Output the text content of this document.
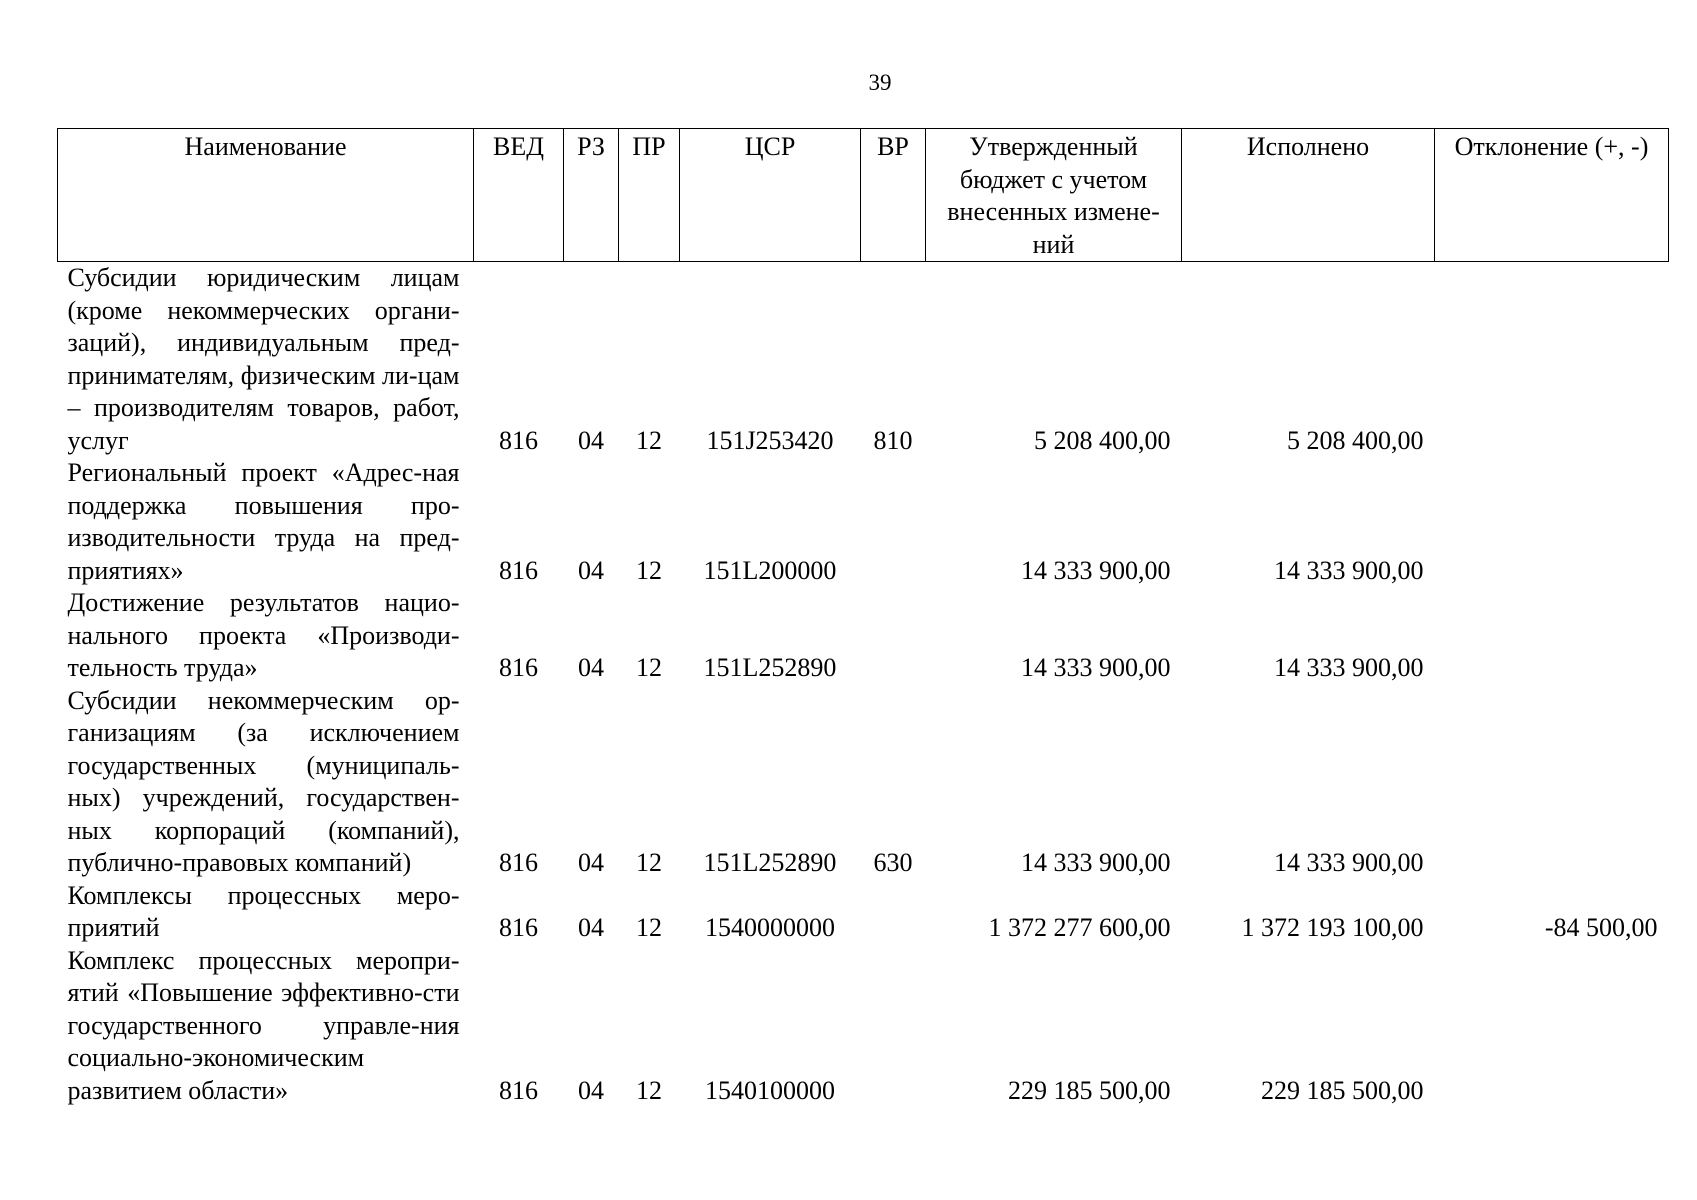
39
Наименование	ВЕД	РЗ	ПР	ЦСР	ВР	Утвержденный бюджет с учетом внесенных измене-ний	Исполнено	Отклонение (+, -)
Субсидии юридическим лицам (кроме некоммерческих органи-заций), индивидуальным пред-принимателям, физическим ли-цам – производителям товаров, работ, услуг	816	04	12	151J253420	810	5 208 400,00	5 208 400,00	
Региональный проект «Адрес-ная поддержка повышения про-изводительности труда на пред-приятиях»	816	04	12	151L200000		14 333 900,00	14 333 900,00	
Достижение результатов нацио-нального проекта «Производи-тельность труда»	816	04	12	151L252890		14 333 900,00	14 333 900,00	
Субсидии некоммерческим ор-ганизациям (за исключением государственных (муниципаль-ных) учреждений, государствен-ных корпораций (компаний), публично-правовых компаний)	816	04	12	151L252890	630	14 333 900,00	14 333 900,00	
Комплексы процессных меро-приятий	816	04	12	1540000000		1 372 277 600,00	1 372 193 100,00	-84 500,00
Комплекс процессных меропри-ятий «Повышение эффективно-сти государственного управле-ния социально-экономическим развитием области»	816	04	12	1540100000		229 185 500,00	229 185 500,00	
